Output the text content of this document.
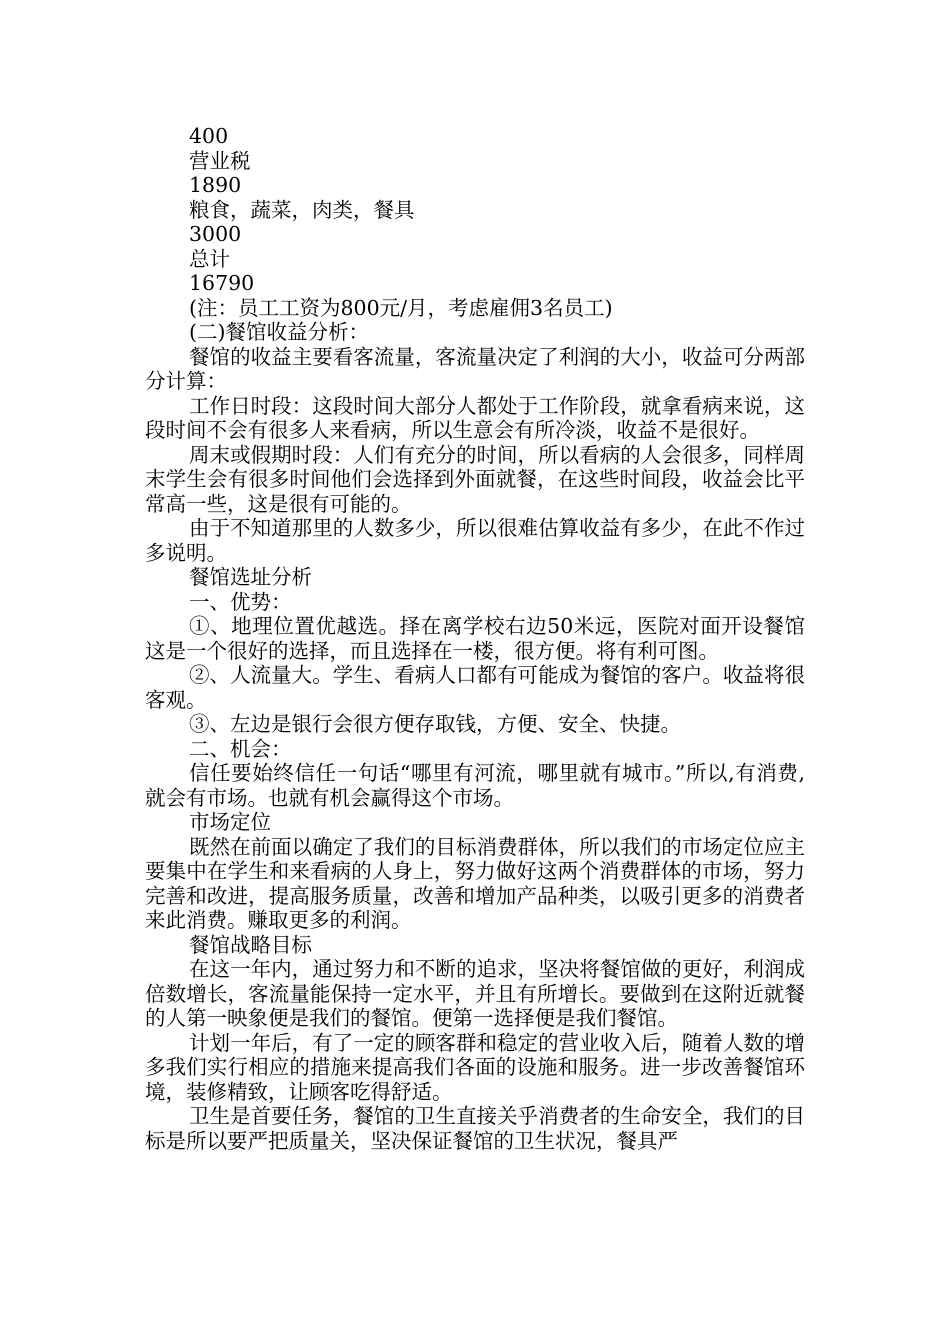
400

营业税

1890

粮食，蔬菜，肉类，餐具

3000

总计

16790

(注：员工工资为800元/月，考虑雇佣3名员工)

(二)餐馆收益分析：

餐馆的收益主要看客流量，客流量决定了利润的大小，收益可分两部分计算：

工作日时段：这段时间大部分人都处于工作阶段，就拿看病来说，这段时间不会有很多人来看病，所以生意会有所冷淡，收益不是很好。

周末或假期时段：人们有充分的时间，所以看病的人会很多，同样周末学生会有很多时间他们会选择到外面就餐，在这些时间段，收益会比平常高一些，这是很有可能的。

由于不知道那里的人数多少，所以很难估算收益有多少，在此不作过多说明。

餐馆选址分析

一、优势：

①、地理位置优越选。择在离学校右边50米远，医院对面开设餐馆这是一个很好的选择，而且选择在一楼，很方便。将有利可图。

②、人流量大。学生、看病人口都有可能成为餐馆的客户。收益将很客观。

③、左边是银行会很方便存取钱，方便、安全、快捷。

二、机会：

信任要始终信任一句话“哪里有河流，哪里就有城市。”所以,有消费,就会有市场。也就有机会赢得这个市场。

市场定位

既然在前面以确定了我们的目标消费群体，所以我们的市场定位应主要集中在学生和来看病的人身上，努力做好这两个消费群体的市场，努力完善和改进，提高服务质量，改善和增加产品种类，以吸引更多的消费者来此消费。赚取更多的利润。

餐馆战略目标

在这一年内，通过努力和不断的追求，坚决将餐馆做的更好，利润成倍数增长，客流量能保持一定水平，并且有所增长。要做到在这附近就餐的人第一映象便是我们的餐馆。便第一选择便是我们餐馆。

计划一年后，有了一定的顾客群和稳定的营业收入后，随着人数的增多我们实行相应的措施来提高我们各面的设施和服务。进一步改善餐馆环境，装修精致，让顾客吃得舒适。

卫生是首要任务，餐馆的卫生直接关乎消费者的生命安全，我们的目标是所以要严把质量关，坚决保证餐馆的卫生状况，餐具严
